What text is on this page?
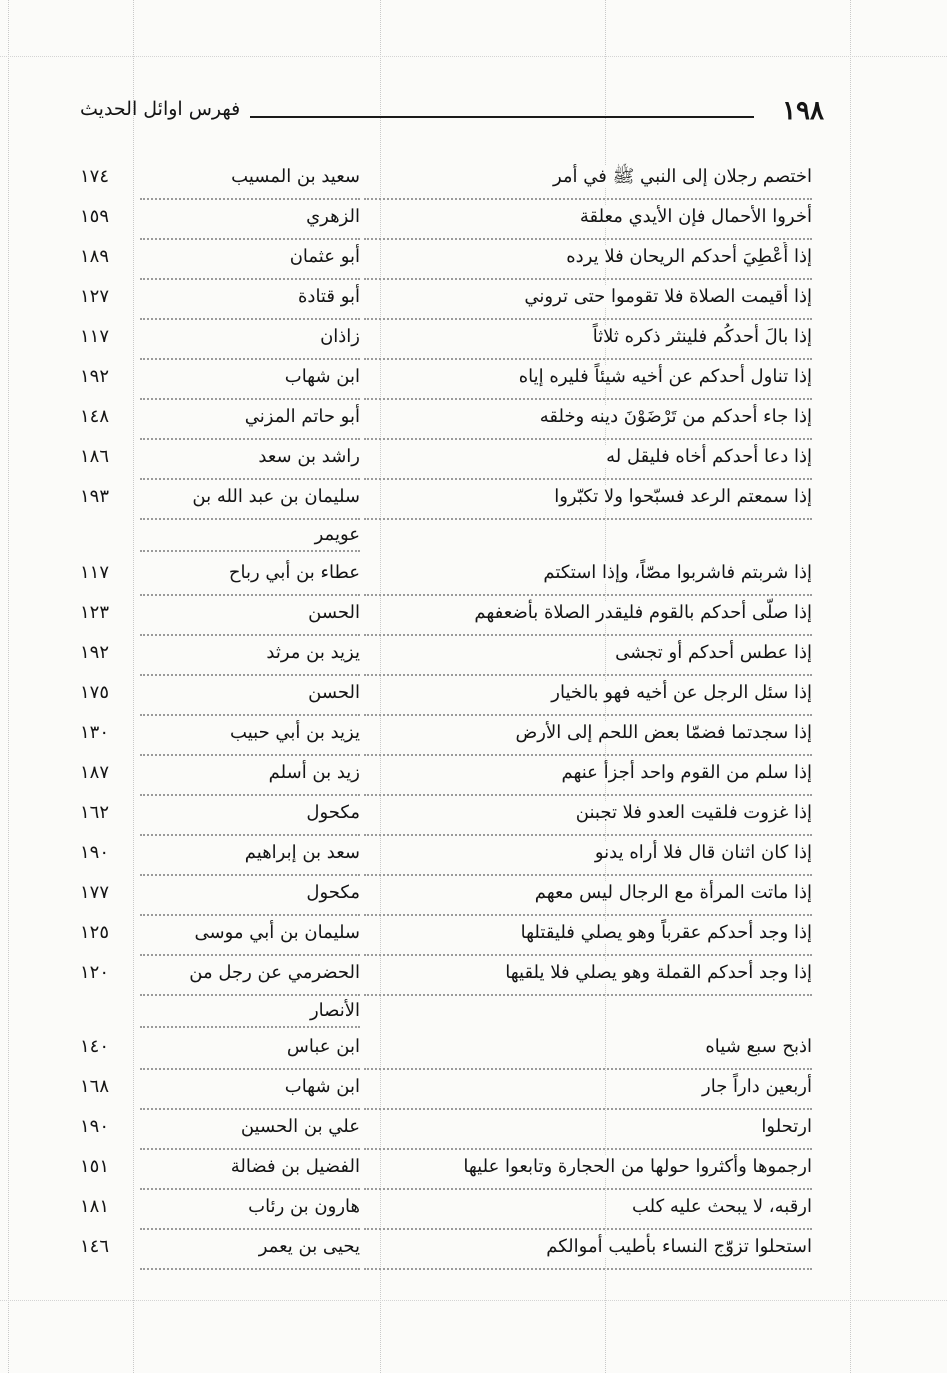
١٩٨
فهرس اوائل الحديث
اختصم رجلان إلى النبي ﷺ في أمر
سعيد بن المسيب
١٧٤
أخروا الأحمال فإن الأيدي معلقة
الزهري
١٥٩
إذا أُعْطِيَ أحدكم الريحان فلا يرده
أبو عثمان
١٨٩
إذا أقيمت الصلاة فلا تقوموا حتى تروني
أبو قتادة
١٢٧
إذا بالَ أحدكُم فلينثر ذكره ثلاثاً
زاذان
١١٧
إذا تناول أحدكم عن أخيه شيئاً فليره إياه
ابن شهاب
١٩٢
إذا جاء أحدكم من تَرْضَوْنَ دينه وخلقه
أبو حاتم المزني
١٤٨
إذا دعا أحدكم أخاه فليقل له
راشد بن سعد
١٨٦
إذا سمعتم الرعد فسبّحوا ولا تكبّروا
سليمان بن عبد الله بن
١٩٣
عويمر
إذا شربتم فاشربوا مصّاً، وإذا استكتم
عطاء بن أبي رباح
١١٧
إذا صلّى أحدكم بالقوم فليقدر الصلاة بأضعفهم
الحسن
١٢٣
إذا عطس أحدكم أو تجشى
يزيد بن مرثد
١٩٢
إذا سئل الرجل عن أخيه فهو بالخيار
الحسن
١٧٥
إذا سجدتما فضمّا بعض اللحم إلى الأرض
يزيد بن أبي حبيب
١٣٠
إذا سلم من القوم واحد أجزأ عنهم
زيد بن أسلم
١٨٧
إذا غزوت فلقيت العدو فلا تجبنن
مكحول
١٦٢
إذا كان اثنان قال فلا أراه يدنو
سعد بن إبراهيم
١٩٠
إذا ماتت المرأة مع الرجال ليس معهم
مكحول
١٧٧
إذا وجد أحدكم عقرباً وهو يصلي فليقتلها
سليمان بن أبي موسى
١٢٥
إذا وجد أحدكم القملة وهو يصلي فلا يلقيها
الحضرمي عن رجل من
١٢٠
الأنصار
اذبح سبع شياه
ابن عباس
١٤٠
أربعين داراً جار
ابن شهاب
١٦٨
ارتحلوا
علي بن الحسين
١٩٠
ارجموها وأكثروا حولها من الحجارة وتابعوا عليها
الفضيل بن فضالة
١٥١
ارقبه، لا يبحث عليه كلب
هارون بن رئاب
١٨١
استحلوا تزوّج النساء بأطيب أموالكم
يحيى بن يعمر
١٤٦
